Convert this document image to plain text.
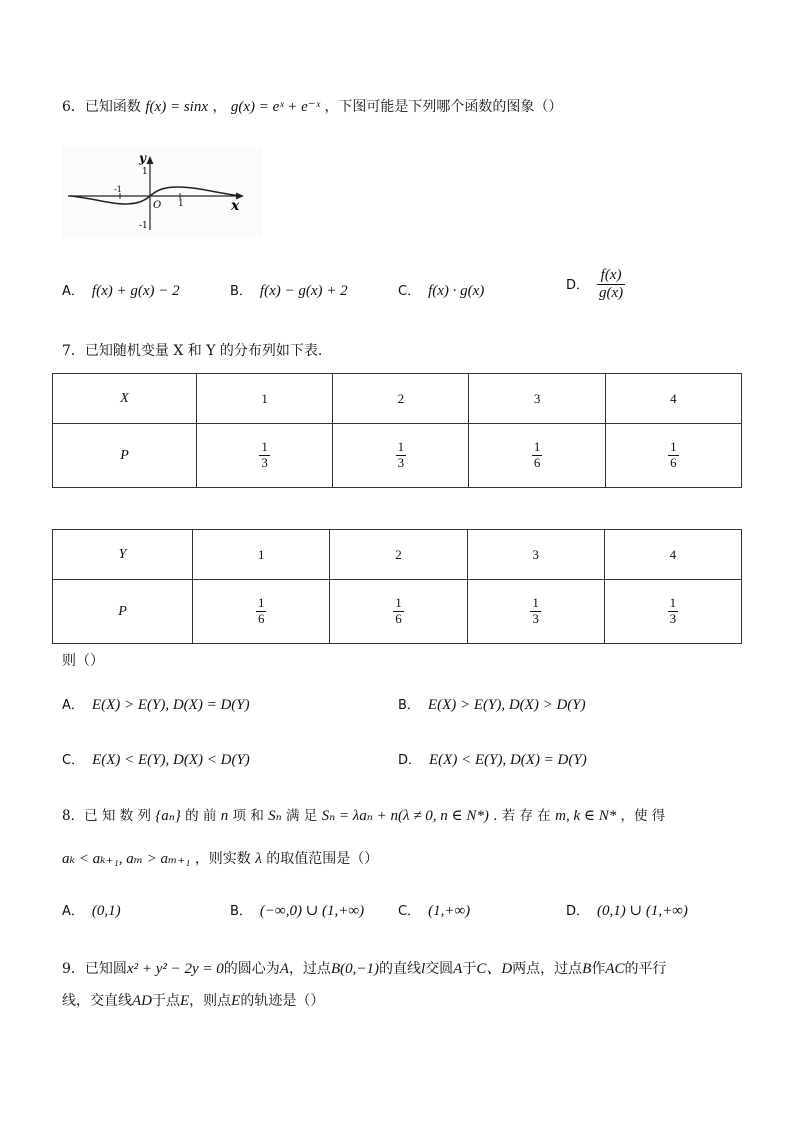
6．已知函数 f(x) = sinx ， g(x) = eˣ + e⁻ˣ ，下图可能是下列哪个函数的图象（）
y
1
x
O 1
-1
-1
A． f(x) + g(x) − 2	B． f(x) − g(x) + 2	C． f(x) · g(x)	D． $\frac{f(x)}{g(x)}$
7．已知随机变量 X 和 Y 的分布列如下表.
X	1	2	3	4
P	$\frac{1}{3}$	$\frac{1}{3}$	$\frac{1}{6}$	$\frac{1}{6}$
Y	1	2	3	4
P	$\frac{1}{6}$	$\frac{1}{6}$	$\frac{1}{3}$	$\frac{1}{3}$
则（）
A． E(X) > E(Y), D(X) = D(Y)	B． E(X) > E(Y), D(X) > D(Y)
C． E(X) < E(Y), D(X) < D(Y)	D． E(X) < E(Y), D(X) = D(Y)
8．已 知 数 列 {aₙ} 的 前 n 项 和 Sₙ 满 足 Sₙ = λaₙ + n(λ ≠ 0, n ∈ N*) . 若 存 在 m, k ∈ N* ，使 得
aₖ < aₖ₊₁, aₘ > aₘ₊₁ ，则实数 λ 的取值范围是（）
A． (0,1)	B． (−∞,0) ∪ (1,+∞)	C． (1,+∞)	D． (0,1) ∪ (1,+∞)
9．已知圆x² + y² − 2y = 0的圆心为A，过点B(0,−1)的直线l交圆A于C、D两点，过点B作AC的平行
线，交直线AD于点E，则点E的轨迹是（）
